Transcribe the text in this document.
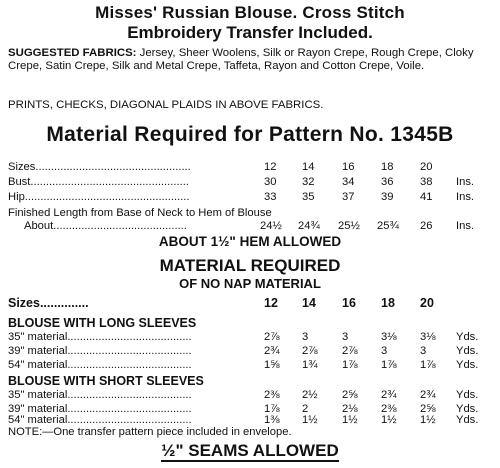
Misses' Russian Blouse. Cross Stitch
Embroidery Transfer Included.
SUGGESTED FABRICS: Jersey, Sheer Woolens, Silk or Rayon Crepe, Rough Crepe, Cloky Crepe, Satin Crepe, Silk and Metal Crepe, Taffeta, Rayon and Cotton Crepe, Voile.
PRINTS, CHECKS, DIAGONAL PLAIDS IN ABOVE FABRICS.
Material Required for Pattern No. 1345B
Sizes..................................................	12	14	16	18	20
Bust...................................................	30	32	34	36	38	Ins.
Hip.....................................................	33	35	37	39	41	Ins.
Finished Length from Base of Neck to Hem of Blouse
About...........................................	24½	24¾	25½	25¾	26	Ins.
ABOUT 1½" HEM ALLOWED
MATERIAL REQUIRED
OF NO NAP MATERIAL
Sizes..............	12 14 16 18 20
BLOUSE WITH LONG SLEEVES
35" material........................................	2⅞ 3	3	3⅛ 3⅛ Yds.
39" material........................................	2¾ 2⅞ 2⅞ 3	3	Yds.
54" material........................................	1⅝ 1¾ 1⅞ 1⅞ 1⅞ Yds.
BLOUSE WITH SHORT SLEEVES
35" material........................................	2⅜ 2½ 2⅝ 2¾ 2¾ Yds.
39" material........................................	1⅞ 2	2⅛ 2⅜ 2⅝ Yds.
54" material........................................	1⅜ 1½ 1½ 1½ 1½ Yds.
NOTE:—One transfer pattern piece included in envelope.
½" SEAMS ALLOWED
